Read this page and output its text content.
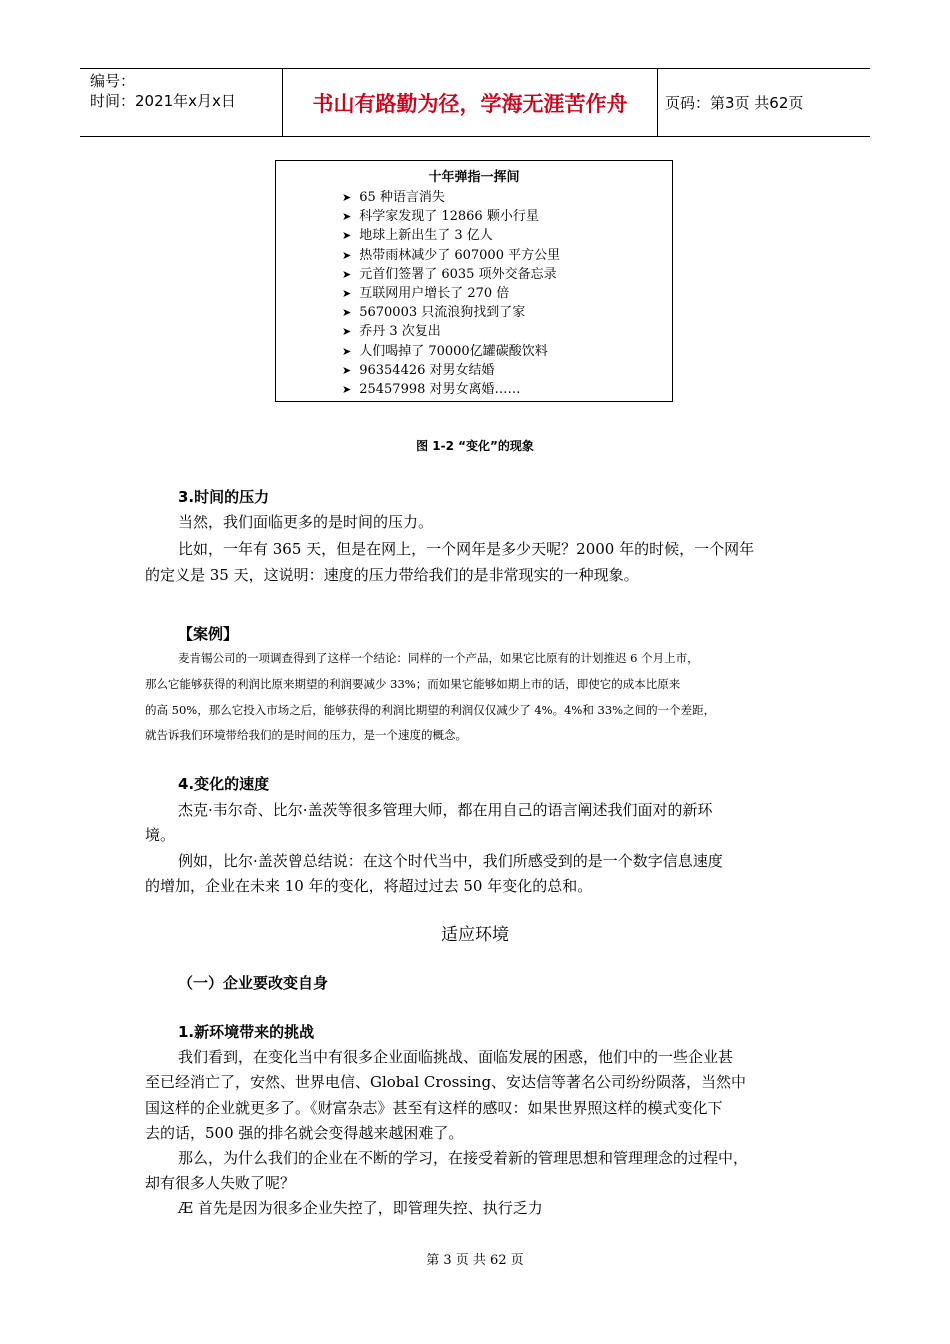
编号：
时间：2021年x月x日	书山有路勤为径，学海无涯苦作舟	页码：第3页 共62页
十年弹指一挥间
➤ 65 种语言消失
➤ 科学家发现了 12866 颗小行星
➤ 地球上新出生了 3 亿人
➤ 热带雨林减少了 607000 平方公里
➤ 元首们签署了 6035 项外交备忘录
➤ 互联网用户增长了 270 倍
➤ 5670003 只流浪狗找到了家
➤ 乔丹 3 次复出
➤ 人们喝掉了 70000亿罐碳酸饮料
➤ 96354426 对男女结婚
➤ 25457998 对男女离婚……
图 1-2 “变化”的现象
3.时间的压力
当然，我们面临更多的是时间的压力。
比如，一年有 365 天，但是在网上，一个网年是多少天呢？2000 年的时候，一个网年
的定义是 35 天，这说明：速度的压力带给我们的是非常现实的一种现象。
【案例】
麦肯锡公司的一项调查得到了这样一个结论：同样的一个产品，如果它比原有的计划推迟 6 个月上市，
那么它能够获得的利润比原来期望的利润要减少 33%；而如果它能够如期上市的话，即使它的成本比原来
的高 50%，那么它投入市场之后，能够获得的利润比期望的利润仅仅减少了 4%。4%和 33%之间的一个差距，
就告诉我们环境带给我们的是时间的压力，是一个速度的概念。
4.变化的速度
杰克·韦尔奇、比尔·盖茨等很多管理大师，都在用自己的语言阐述我们面对的新环
境。
例如，比尔·盖茨曾总结说：在这个时代当中，我们所感受到的是一个数字信息速度
的增加，企业在未来 10 年的变化，将超过过去 50 年变化的总和。
适应环境
（一）企业要改变自身
1.新环境带来的挑战
我们看到，在变化当中有很多企业面临挑战、面临发展的困惑，他们中的一些企业甚
至已经消亡了，安然、世界电信、Global Crossing、安达信等著名公司纷纷陨落，当然中
国这样的企业就更多了。《财富杂志》甚至有这样的感叹：如果世界照这样的模式变化下
去的话，500 强的排名就会变得越来越困难了。
那么，为什么我们的企业在不断的学习，在接受着新的管理思想和管理理念的过程中，
却有很多人失败了呢？
Æ 首先是因为很多企业失控了，即管理失控、执行乏力
第 3 页 共 62 页
